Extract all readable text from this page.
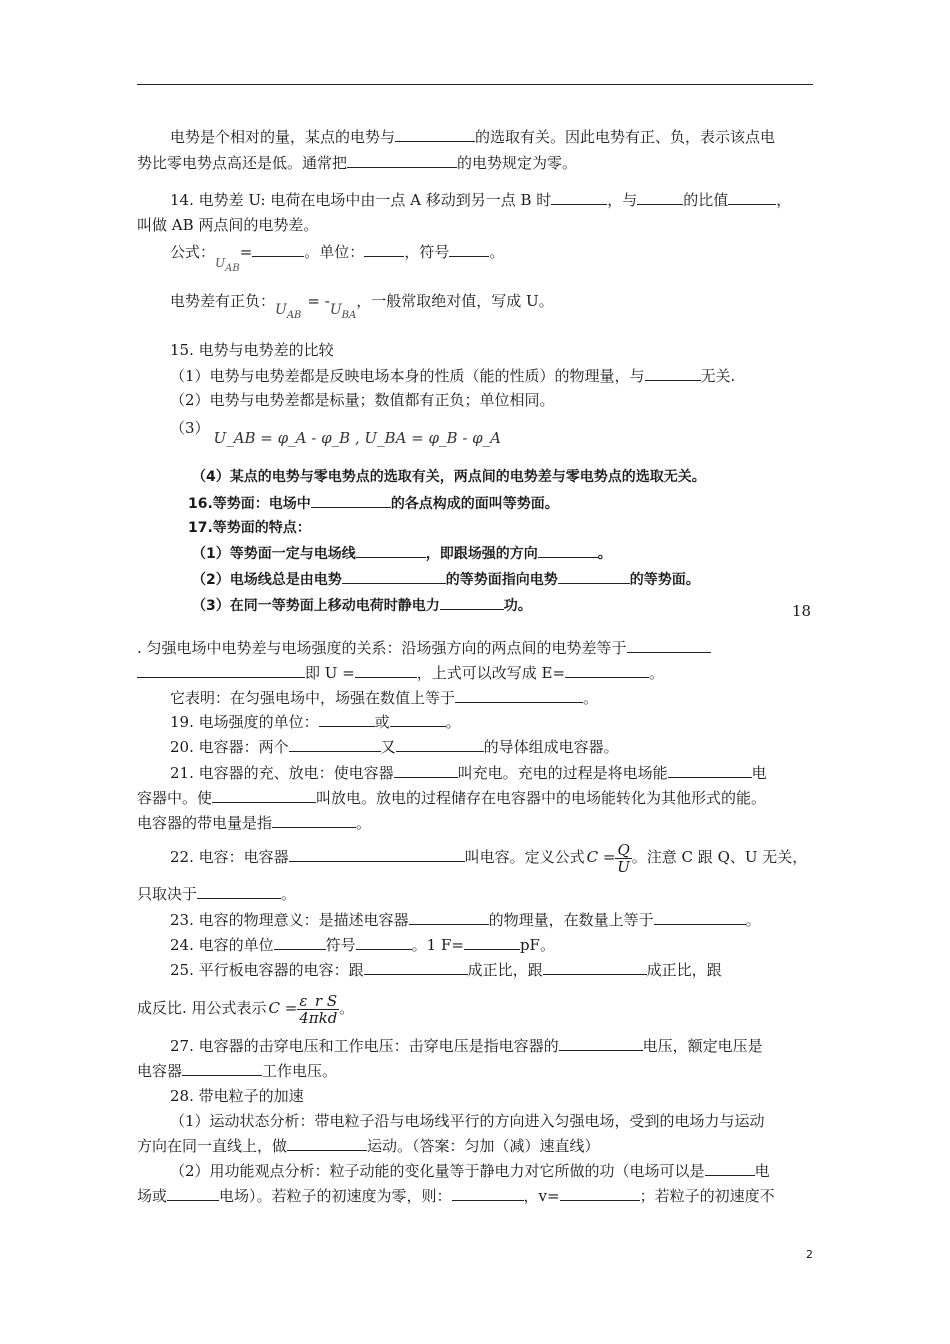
电势是个相对的量，某点的电势与	的选取有关。因此电势有正、负，表示该点电
势比零电势点高还是低。通常把	的电势规定为零。
14. 电势差 U: 电荷在电场中由一点 A 移动到另一点 B 时	，与	的比值	，
叫做 AB 两点间的电势差。
公式：$_{UAB}$=	。单位：	，符号	。
电势差有正负：$U_{AB}= -U_{BA}$，一般常取绝对值，写成 U。
15. 电势与电势差的比较
（1）电势与电势差都是反映电场本身的性质（能的性质）的物理量，与	无关.
（2）电势与电势差都是标量；数值都有正负；单位相同。
（3）U_AB = φ_A - φ_B , U_BA = φ_B - φ_A
（4）某点的电势与零电势点的选取有关，两点间的电势差与零电势点的选取无关。
16.等势面：电场中	的各点构成的面叫等势面。
17.等势面的特点：
（1）等势面一定与电场线	，即跟场强的方向	。
（2）电场线总是由电势	的等势面指向电势	的等势面。
（3）在同一等势面上移动电荷时静电力	功。	18
. 匀强电场中电势差与电场强度的关系：沿场强方向的两点间的电势差等于
即 U =	，上式可以改写成 E=	。
它表明：在匀强电场中，场强在数值上等于	。
19. 电场强度的单位：	或	。
20. 电容器：两个	又	的导体组成电容器。
21. 电容器的充、放电：使电容器	叫充电。充电的过程是将电场能	电
容器中。使	叫放电。放电的过程储存在电容器中的电场能转化为其他形式的能。
电容器的带电量是指	。
22. 电容：电容器	叫电容。定义公式 $C = \frac{Q}{U}$ 。注意 C 跟 Q、U 无关，
只取决于	。
23. 电容的物理意义：是描述电容器	的物理量，在数量上等于	。
24. 电容的单位	符号	。1 F=	pF。
25. 平行板电容器的电容：跟	成正比，跟	成正比，跟
成反比. 用公式表示 $C = \frac{\text{ε\_r S}}{\text{4πkd}}$ 。
27. 电容器的击穿电压和工作电压：击穿电压是指电容器的	电压，额定电压是
电容器	工作电压。
28. 带电粒子的加速
（1）运动状态分析：带电粒子沿与电场线平行的方向进入匀强电场，受到的电场力与运动
方向在同一直线上，做	运动。（答案：匀加（减）速直线）
（2）用功能观点分析：粒子动能的变化量等于静电力对它所做的功（电场可以是	电
场或	电场）。若粒子的初速度为零，则：	，v=	；若粒子的初速度不
2
